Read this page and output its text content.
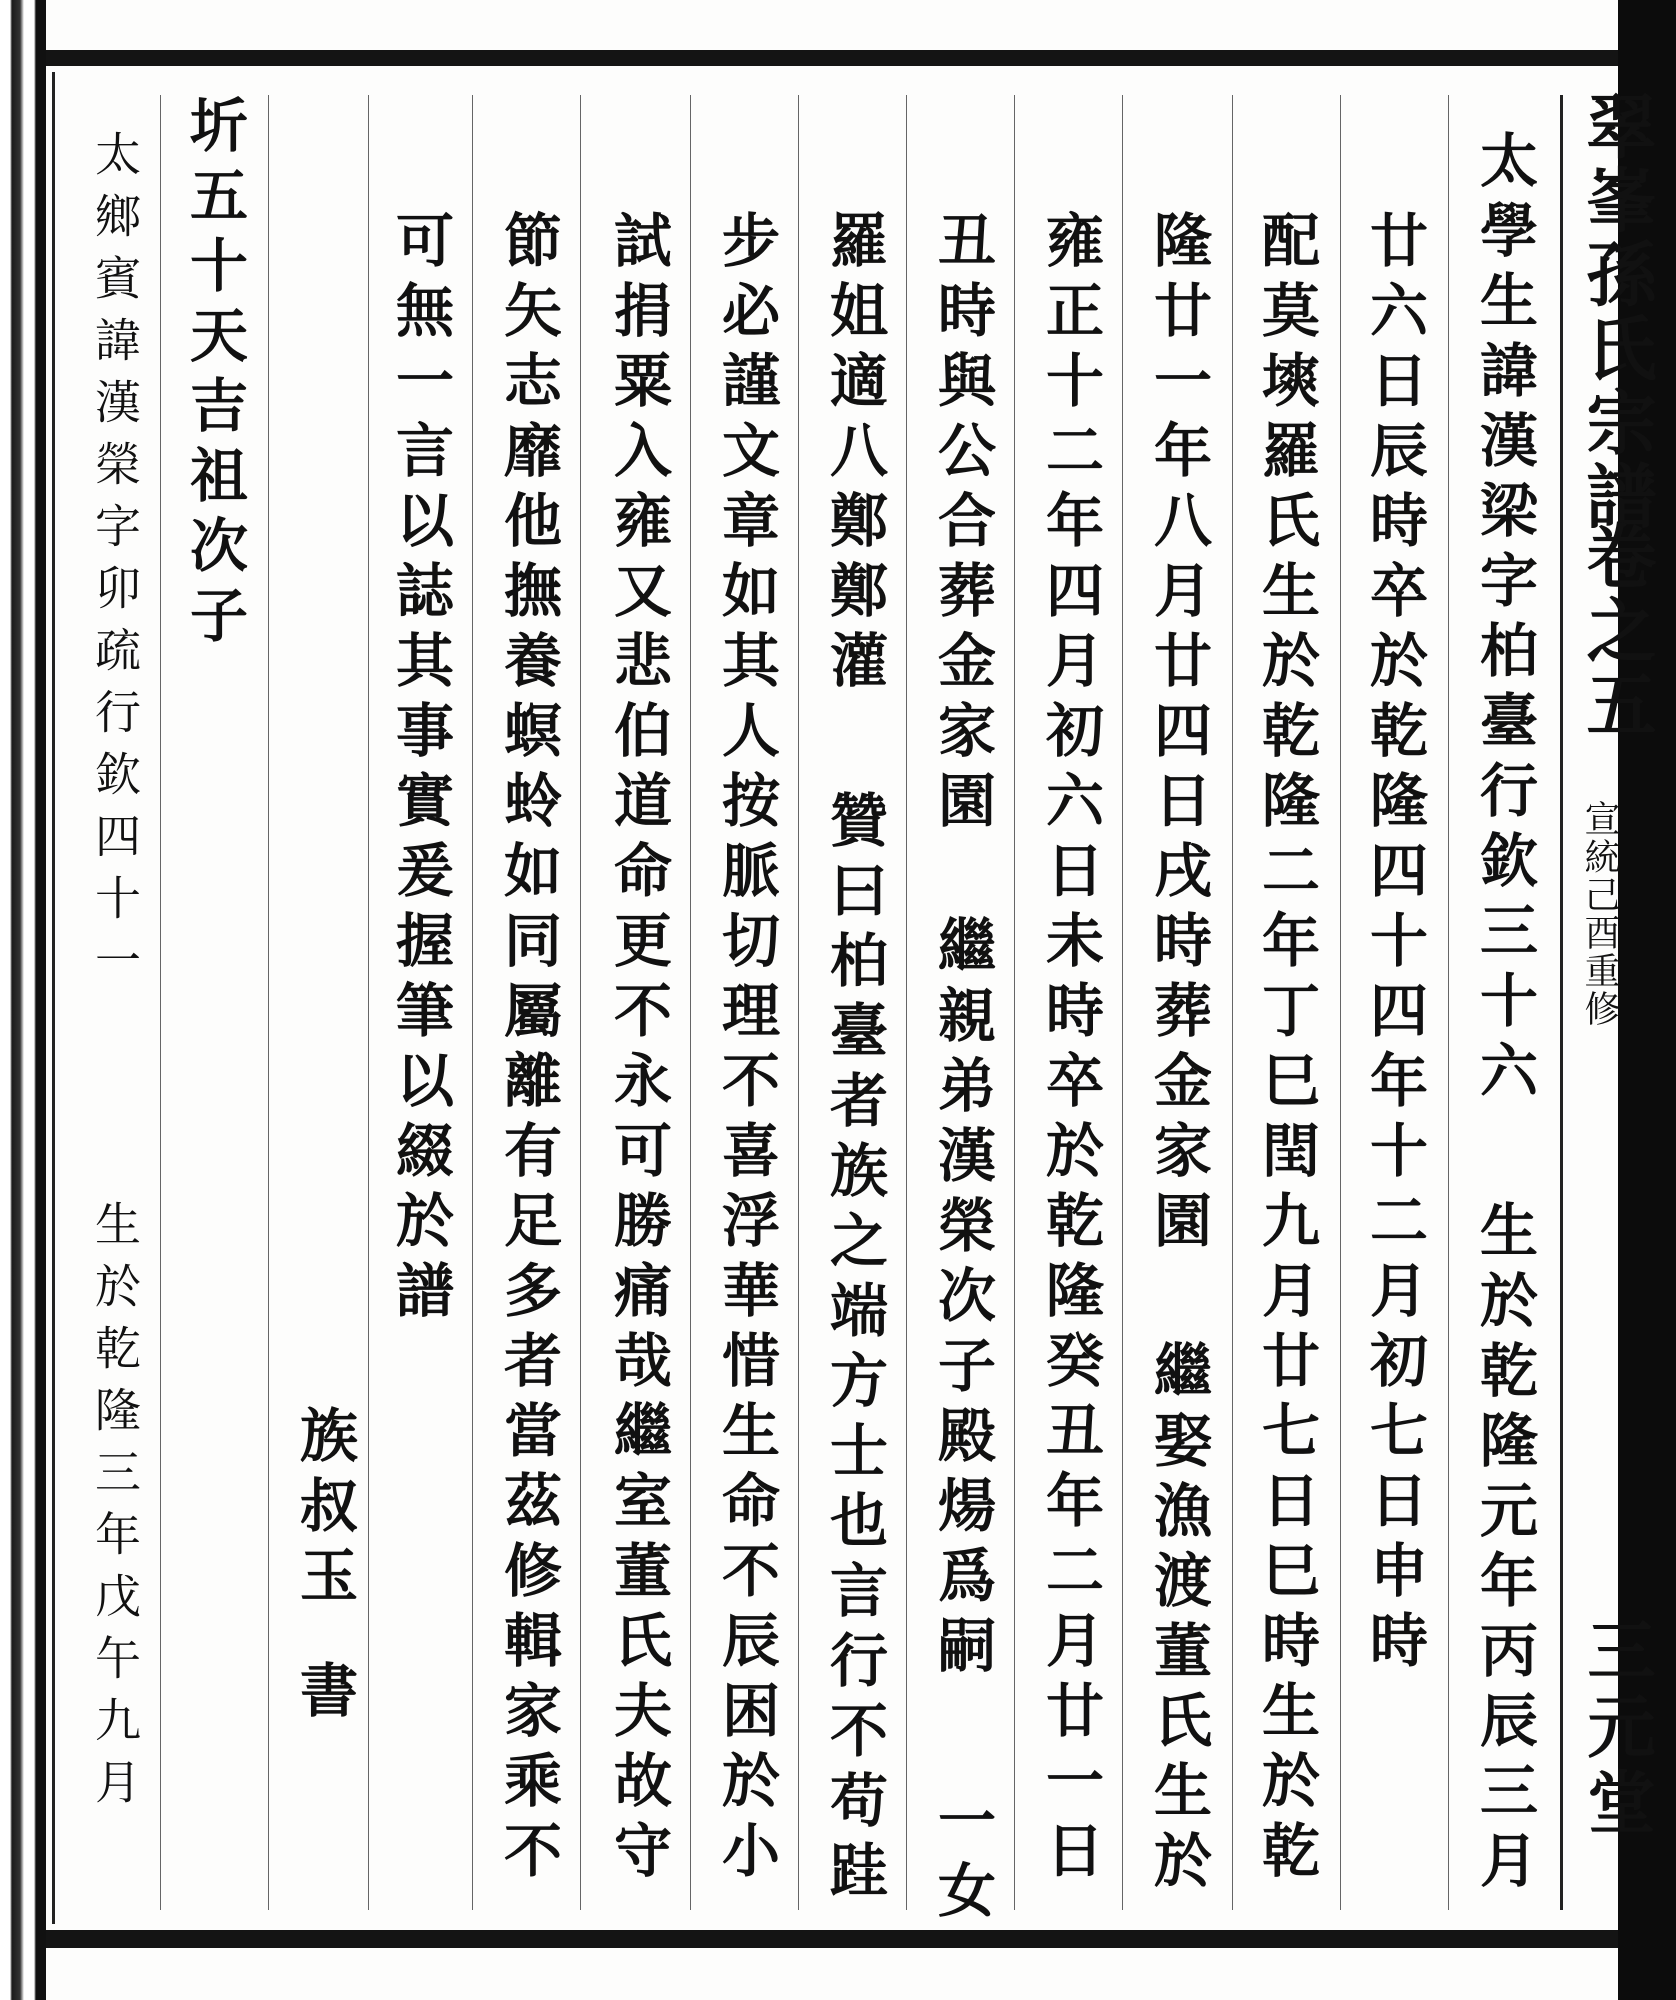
翠峯孫氏宗譜
卷之五
宣統己酉重修
三元堂
太學生諱漢梁字柏臺行欽三十六
生於乾隆元年丙辰三月
廿六日辰時卒於乾隆四十四年十二月初七日申時
配莫塽羅氏生於乾隆二年丁巳閏九月廿七日巳時生於乾
隆廿一年八月廿四日戌時葬金家園
繼娶漁渡董氏生於
雍正十二年四月初六日未時卒於乾隆癸丑年二月廿一日
丑時與公合葬金家園
繼親弟漢榮次子殿煬爲嗣
一女
羅姐適八鄭鄭灌
贊曰柏臺者族之端方士也言行不苟跬
步必謹文章如其人按脈切理不喜浮華惜生命不辰困於小
試捐粟入雍又悲伯道命更不永可勝痛哉繼室董氏夫故守
節矢志靡他撫養螟蛉如同屬離有足多者當茲修輯家乘不
可無一言以誌其事實爰握筆以綴於譜
族叔玉
書
太鄉賓諱漢榮字卯疏行欽四十一
生於乾隆三年戊午九月
圻五十天吉祖次子
